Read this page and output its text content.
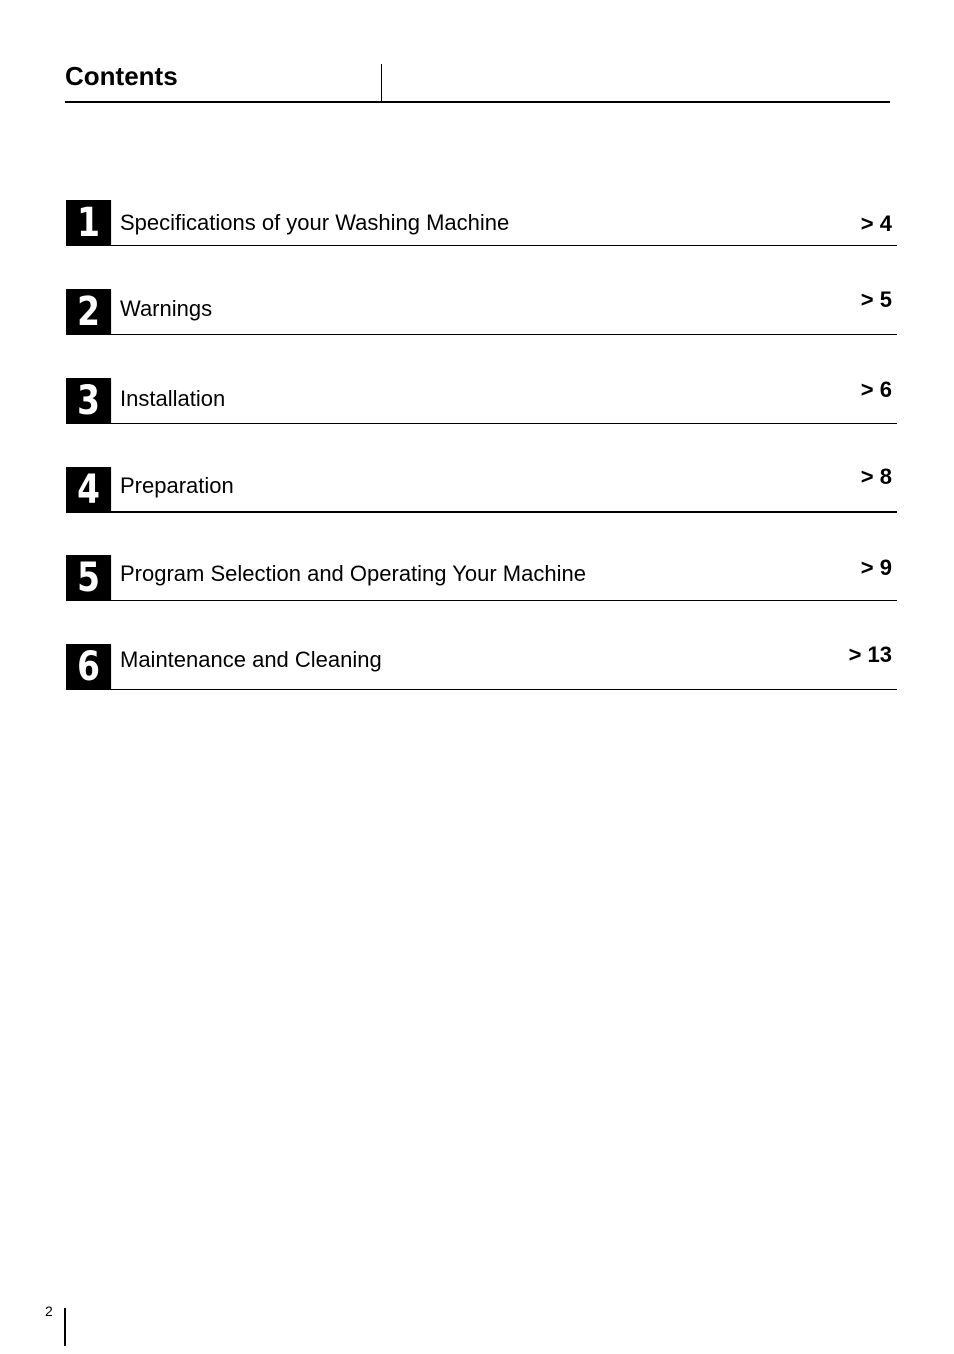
Contents
1 Specifications of your Washing Machine	> 4
2 Warnings	> 5
3 Installation	> 6
4 Preparation	> 8
5 Program Selection and Operating Your Machine	> 9
6 Maintenance and Cleaning	> 13
2
